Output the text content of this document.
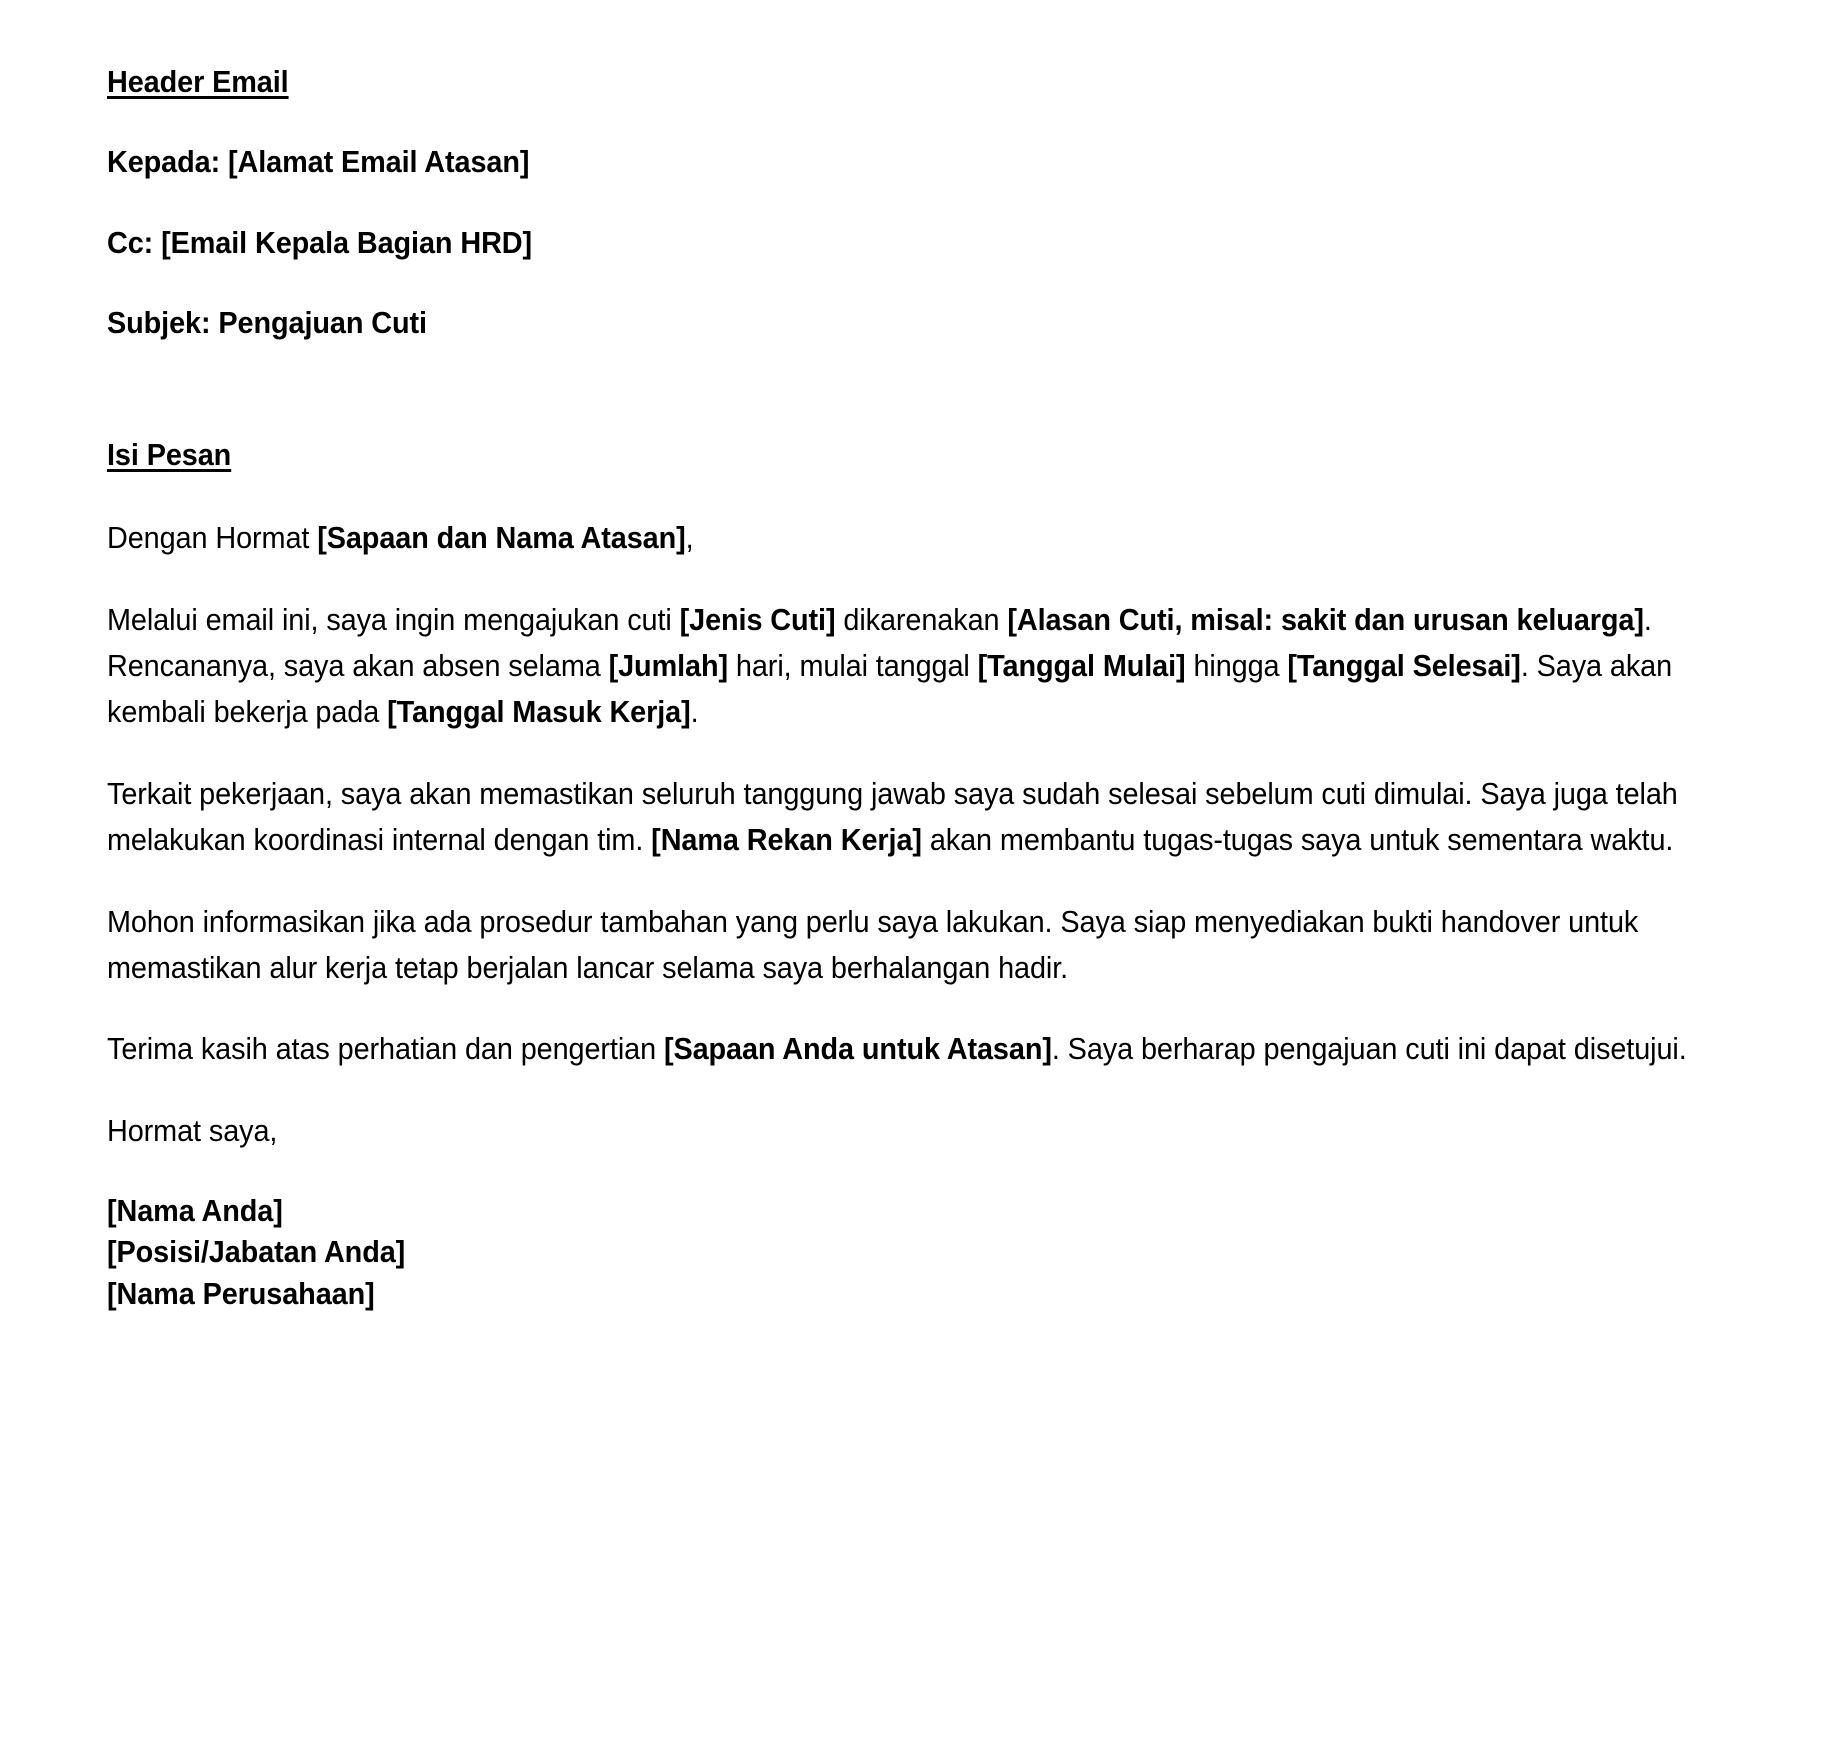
Header Email
Kepada: [Alamat Email Atasan]
Cc: [Email Kepala Bagian HRD]
Subjek: Pengajuan Cuti
Isi Pesan

Dengan Hormat [Sapaan dan Nama Atasan],

Melalui email ini, saya ingin mengajukan cuti [Jenis Cuti] dikarenakan [Alasan Cuti, misal: sakit dan urusan keluarga]. Rencananya, saya akan absen selama [Jumlah] hari, mulai tanggal [Tanggal Mulai] hingga [Tanggal Selesai]. Saya akan kembali bekerja pada [Tanggal Masuk Kerja].

Terkait pekerjaan, saya akan memastikan seluruh tanggung jawab saya sudah selesai sebelum cuti dimulai. Saya juga telah melakukan koordinasi internal dengan tim. [Nama Rekan Kerja] akan membantu tugas-tugas saya untuk sementara waktu.

Mohon informasikan jika ada prosedur tambahan yang perlu saya lakukan. Saya siap menyediakan bukti handover untuk memastikan alur kerja tetap berjalan lancar selama saya berhalangan hadir.

Terima kasih atas perhatian dan pengertian [Sapaan Anda untuk Atasan]. Saya berharap pengajuan cuti ini dapat disetujui.

Hormat saya,

[Nama Anda]
[Posisi/Jabatan Anda]
[Nama Perusahaan]
